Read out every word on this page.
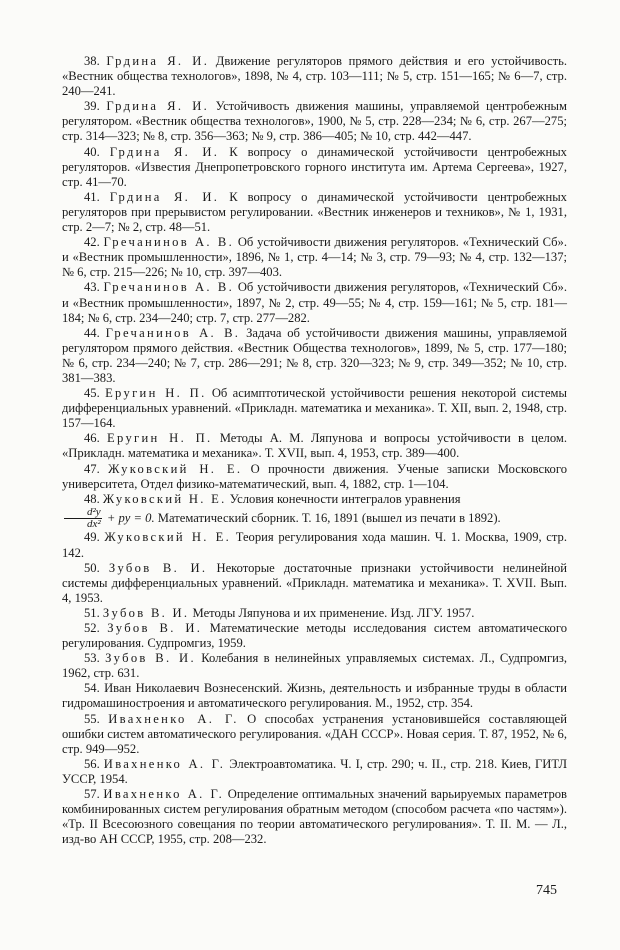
38. Грдина Я. И. Движение регуляторов прямого действия и его устойчивость. «Вестник общества технологов», 1898, № 4, стр. 103—111; № 5, стр. 151—165; № 6—7, стр. 240—241.

39. Грдина Я. И. Устойчивость движения машины, управляемой центробежным регулятором. «Вестник общества технологов», 1900, № 5, стр. 228—234; № 6, стр. 267—275; стр. 314—323; № 8, стр. 356—363; № 9, стр. 386—405; № 10, стр. 442—447.

40. Грдина Я. И. К вопросу о динамической устойчивости центробежных регуляторов. «Известия Днепропетровского горного института им. Артема Сергеева», 1927, стр. 41—70.

41. Грдина Я. И. К вопросу о динамической устойчивости центробежных регуляторов при прерывистом регулировании. «Вестник инженеров и техников», № 1, 1931, стр. 2—7; № 2, стр. 48—51.

42. Гречанинов А. В. Об устойчивости движения регуляторов. «Технический Сб». и «Вестник промышленности», 1896, № 1, стр. 4—14; № 3, стр. 79—93; № 4, стр. 132—137; № 6, стр. 215—226; № 10, стр. 397—403.

43. Гречанинов А. В. Об устойчивости движения регуляторов, «Технический Сб». и «Вестник промышленности», 1897, № 2, стр. 49—55; № 4, стр. 159—161; № 5, стр. 181—184; № 6, стр. 234—240; стр. 7, стр. 277—282.

44. Гречанинов А. В. Задача об устойчивости движения машины, управляемой регулятором прямого действия. «Вестник Общества технологов», 1899, № 5, стр. 177—180; № 6, стр. 234—240; № 7, стр. 286—291; № 8, стр. 320—323; № 9, стр. 349—352; № 10, стр. 381—383.

45. Еругин Н. П. Об асимптотической устойчивости решения некоторой системы дифференциальных уравнений. «Прикладн. математика и механика». Т. XII, вып. 2, 1948, стр. 157—164.

46. Еругин Н. П. Методы А. М. Ляпунова и вопросы устойчивости в целом. «Прикладн. математика и механика». Т. XVII, вып. 4, 1953, стр. 389—400.

47. Жуковский Н. Е. О прочности движения. Ученые записки Московского университета, Отдел физико-математический, вып. 4, 1882, стр. 1—104.

48. Жуковский Н. Е. Условия конечности интегралов уравнения

$\frac{\text{d²y}}{\text{dx²}}$ + py = 0. Математический сборник. Т. 16, 1891 (вышел из печати в 1892).

49. Жуковский Н. Е. Теория регулирования хода машин. Ч. 1. Москва, 1909, стр. 142.

50. Зубов В. И. Некоторые достаточные признаки устойчивости нелинейной системы дифференциальных уравнений. «Прикладн. математика и механика». Т. XVII. Вып. 4, 1953.

51. Зубов В. И. Методы Ляпунова и их применение. Изд. ЛГУ. 1957.

52. Зубов В. И. Математические методы исследования систем автоматического регулирования. Судпромгиз, 1959.

53. Зубов В. И. Колебания в нелинейных управляемых системах. Л., Судпромгиз, 1962, стр. 631.

54. Иван Николаевич Вознесенский. Жизнь, деятельность и избранные труды в области гидромашиностроения и автоматического регулирования. М., 1952, стр. 354.

55. Ивахненко А. Г. О способах устранения установившейся составляющей ошибки систем автоматического регулирования. «ДАН СССР». Новая серия. Т. 87, 1952, № 6, стр. 949—952.

56. Ивахненко А. Г. Электроавтоматика. Ч. I, стр. 290; ч. II., стр. 218. Киев, ГИТЛ УССР, 1954.

57. Ивахненко А. Г. Определение оптимальных значений варьируемых параметров комбинированных систем регулирования обратным методом (способом расчета «по частям»). «Тр. II Всесоюзного совещания по теории автоматического регулирования». Т. II. М. — Л., изд-во АН СССР, 1955, стр. 208—232.

745
